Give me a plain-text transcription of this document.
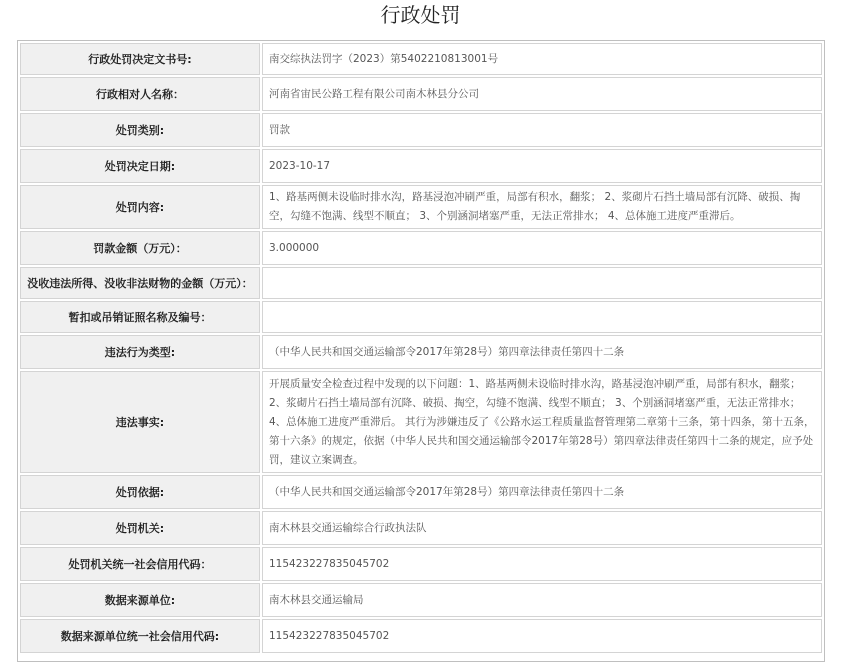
行政处罚
行政处罚决定文书号:	南交综执法罚字（2023）第5402210813001号
行政相对人名称：	河南省宙民公路工程有限公司南木林县分公司
处罚类别:	罚款
处罚决定日期:	2023-10-17
处罚内容:
1、路基两侧未设临时排水沟，路基浸泡冲刷严重，局部有积水，翻浆； 2、浆砌片石挡土墙局部有沉降、破损、掏空，勾缝不饱满、线型不顺直； 3、个别涵洞堵塞严重，无法正常排水； 4、总体施工进度严重滞后。
罚款金额（万元）：	3.000000
没收违法所得、没收非法财物的金额（万元）：
暂扣或吊销证照名称及编号：
违法行为类型:	（中华人民共和国交通运输部令2017年第28号）第四章法律责任第四十二条
违法事实:
开展质量安全检查过程中发现的以下问题：1、路基两侧未设临时排水沟，路基浸泡冲刷严重，局部有积水，翻浆； 2、浆砌片石挡土墙局部有沉降、破损、掏空，勾缝不饱满、线型不顺直； 3、个别涵洞堵塞严重，无法正常排水； 4、总体施工进度严重滞后。 其行为涉嫌违反了《公路水运工程质量监督管理第二章第十三条，第十四条，第十五条，第十六条》的规定，依据（中华人民共和国交通运输部令2017年第28号）第四章法律责任第四十二条的规定，应予处罚，建议立案调查。
处罚依据:	（中华人民共和国交通运输部令2017年第28号）第四章法律责任第四十二条
处罚机关:	南木林县交通运输综合行政执法队
处罚机关统一社会信用代码：	115423227835045702
数据来源单位:	南木林县交通运输局
数据来源单位统一社会信用代码:	115423227835045702
